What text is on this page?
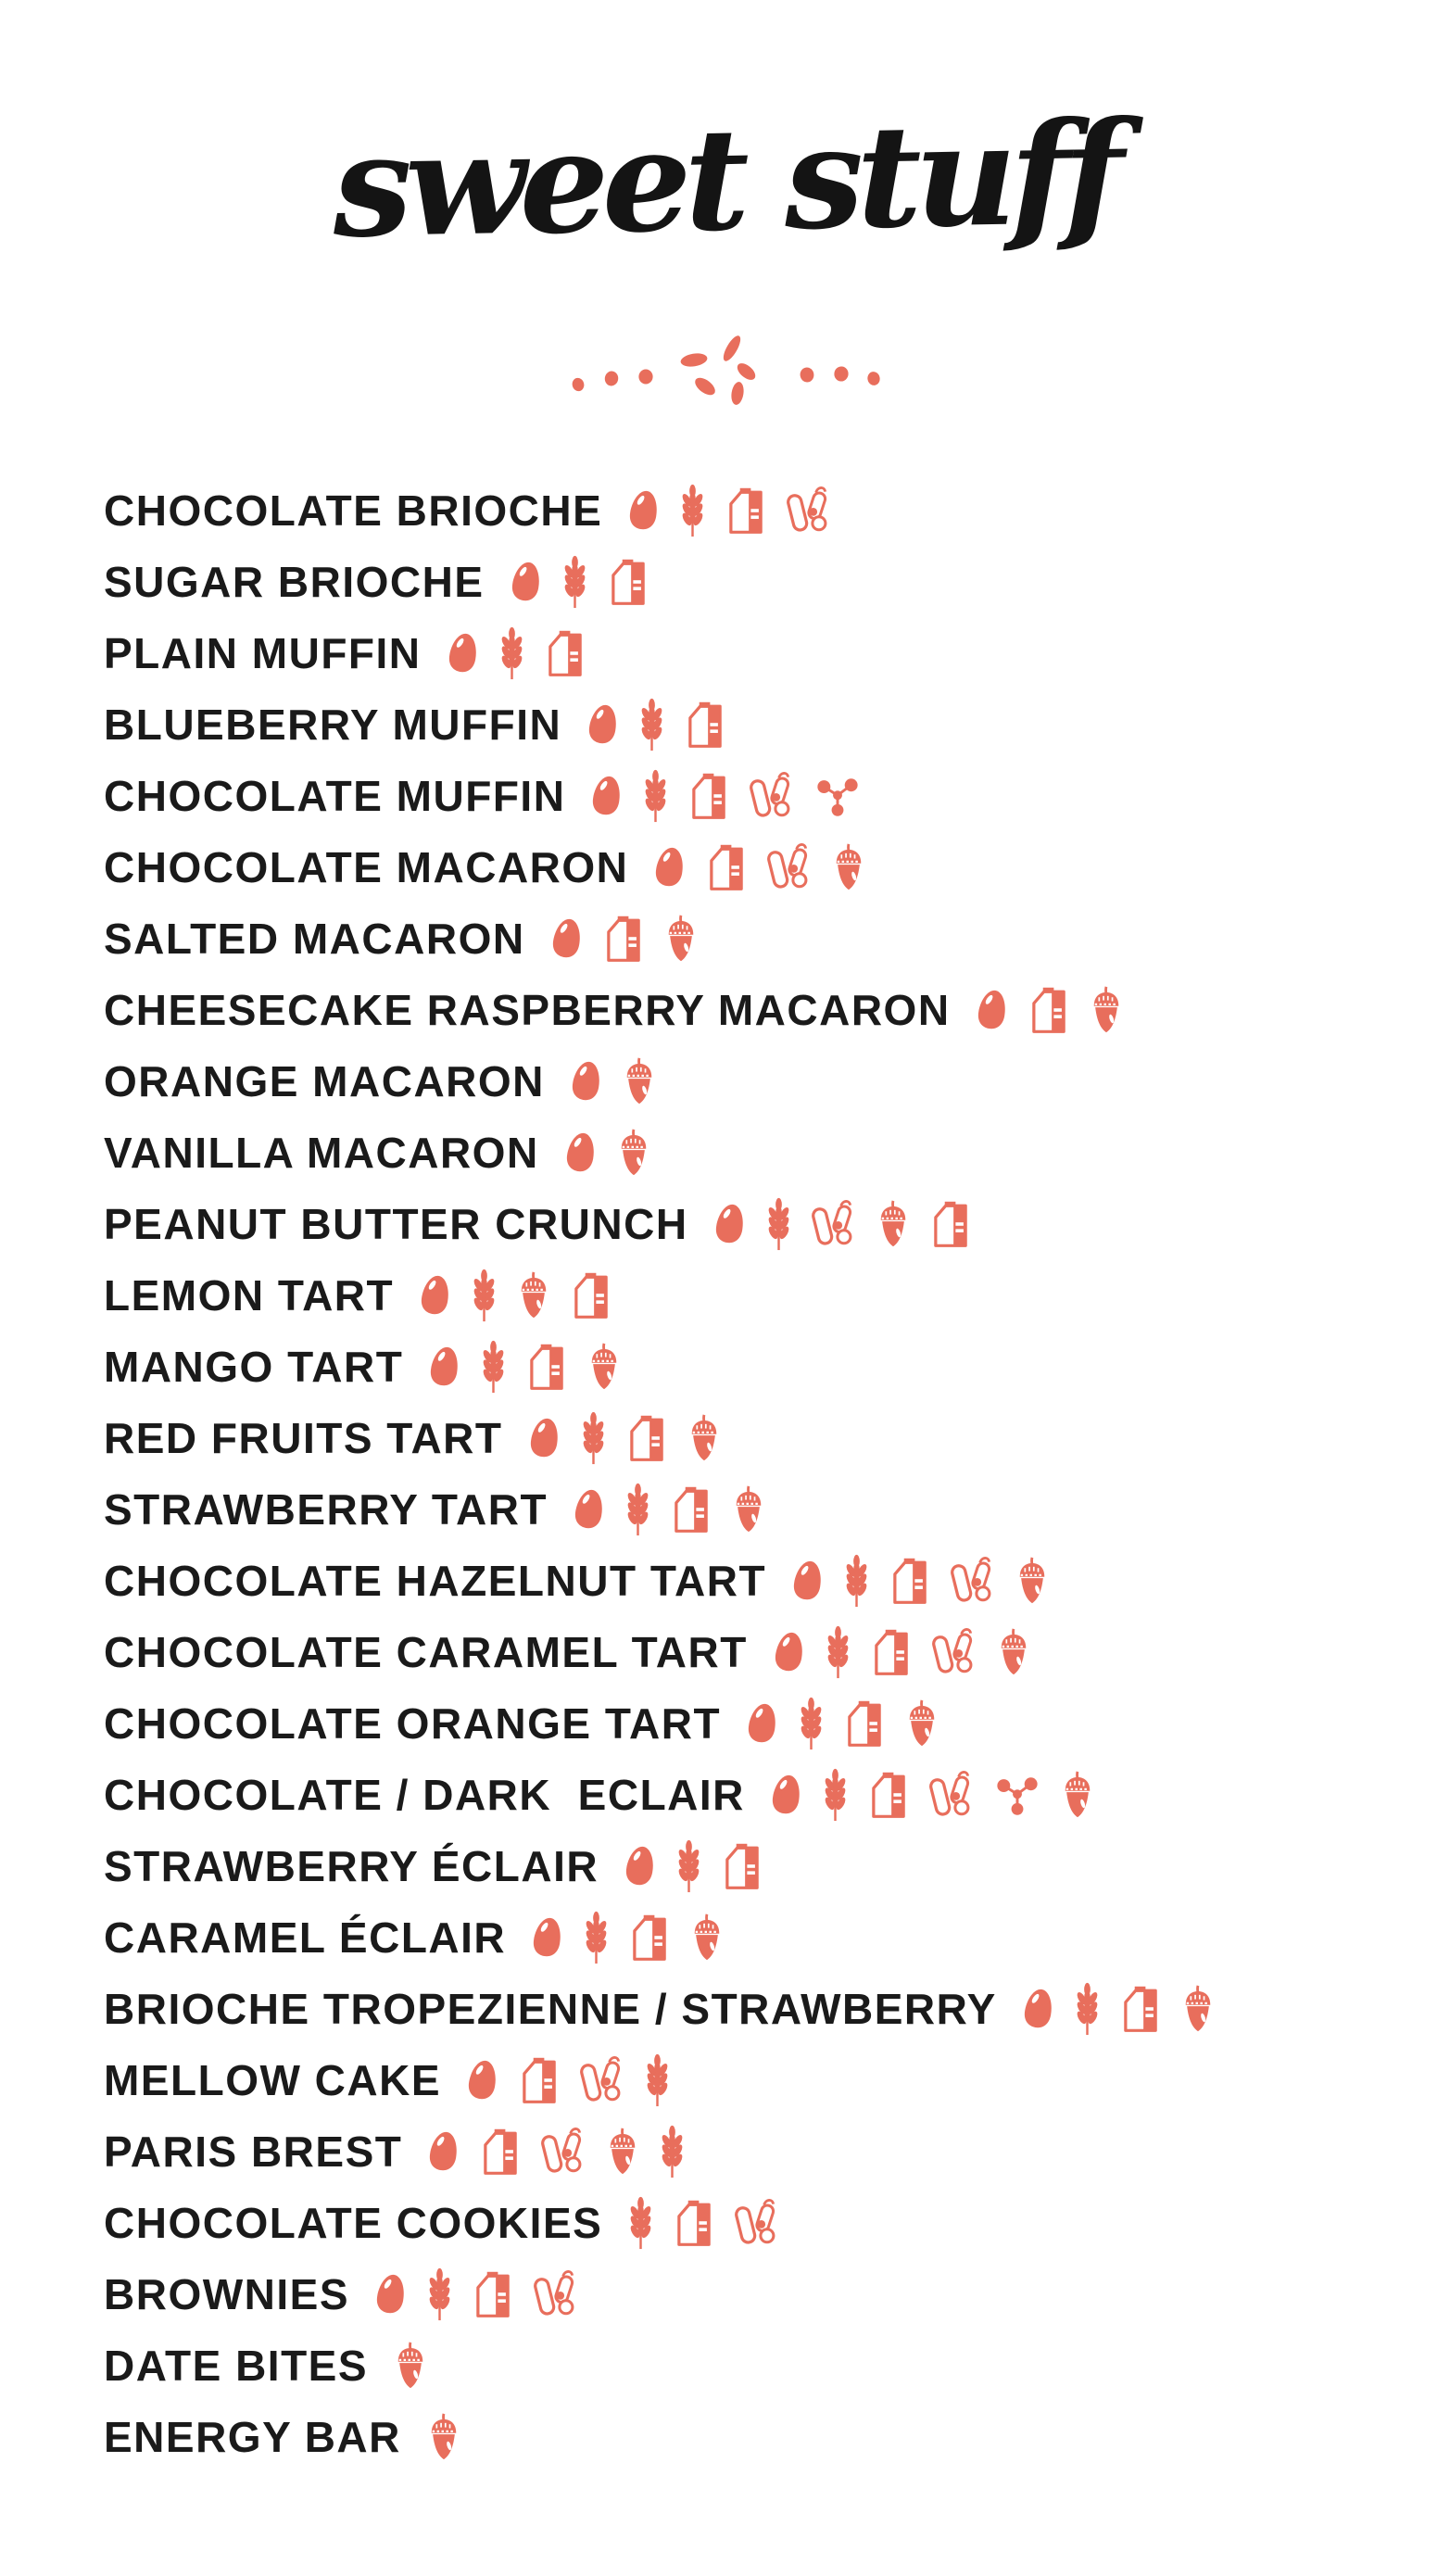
sweet stuff
CHOCOLATE BRIOCHE
SUGAR BRIOCHE
PLAIN MUFFIN
BLUEBERRY MUFFIN
CHOCOLATE MUFFIN
CHOCOLATE MACARON
SALTED MACARON
CHEESECAKE RASPBERRY MACARON
ORANGE MACARON
VANILLA MACARON
PEANUT BUTTER CRUNCH
LEMON TART
MANGO TART
RED FRUITS TART
STRAWBERRY TART
CHOCOLATE HAZELNUT TART
CHOCOLATE CARAMEL TART
CHOCOLATE ORANGE TART
CHOCOLATE / DARK  ECLAIR
STRAWBERRY ÉCLAIR
CARAMEL ÉCLAIR
BRIOCHE TROPEZIENNE / STRAWBERRY
MELLOW CAKE
PARIS BREST
CHOCOLATE COOKIES
BROWNIES
DATE BITES
ENERGY BAR
